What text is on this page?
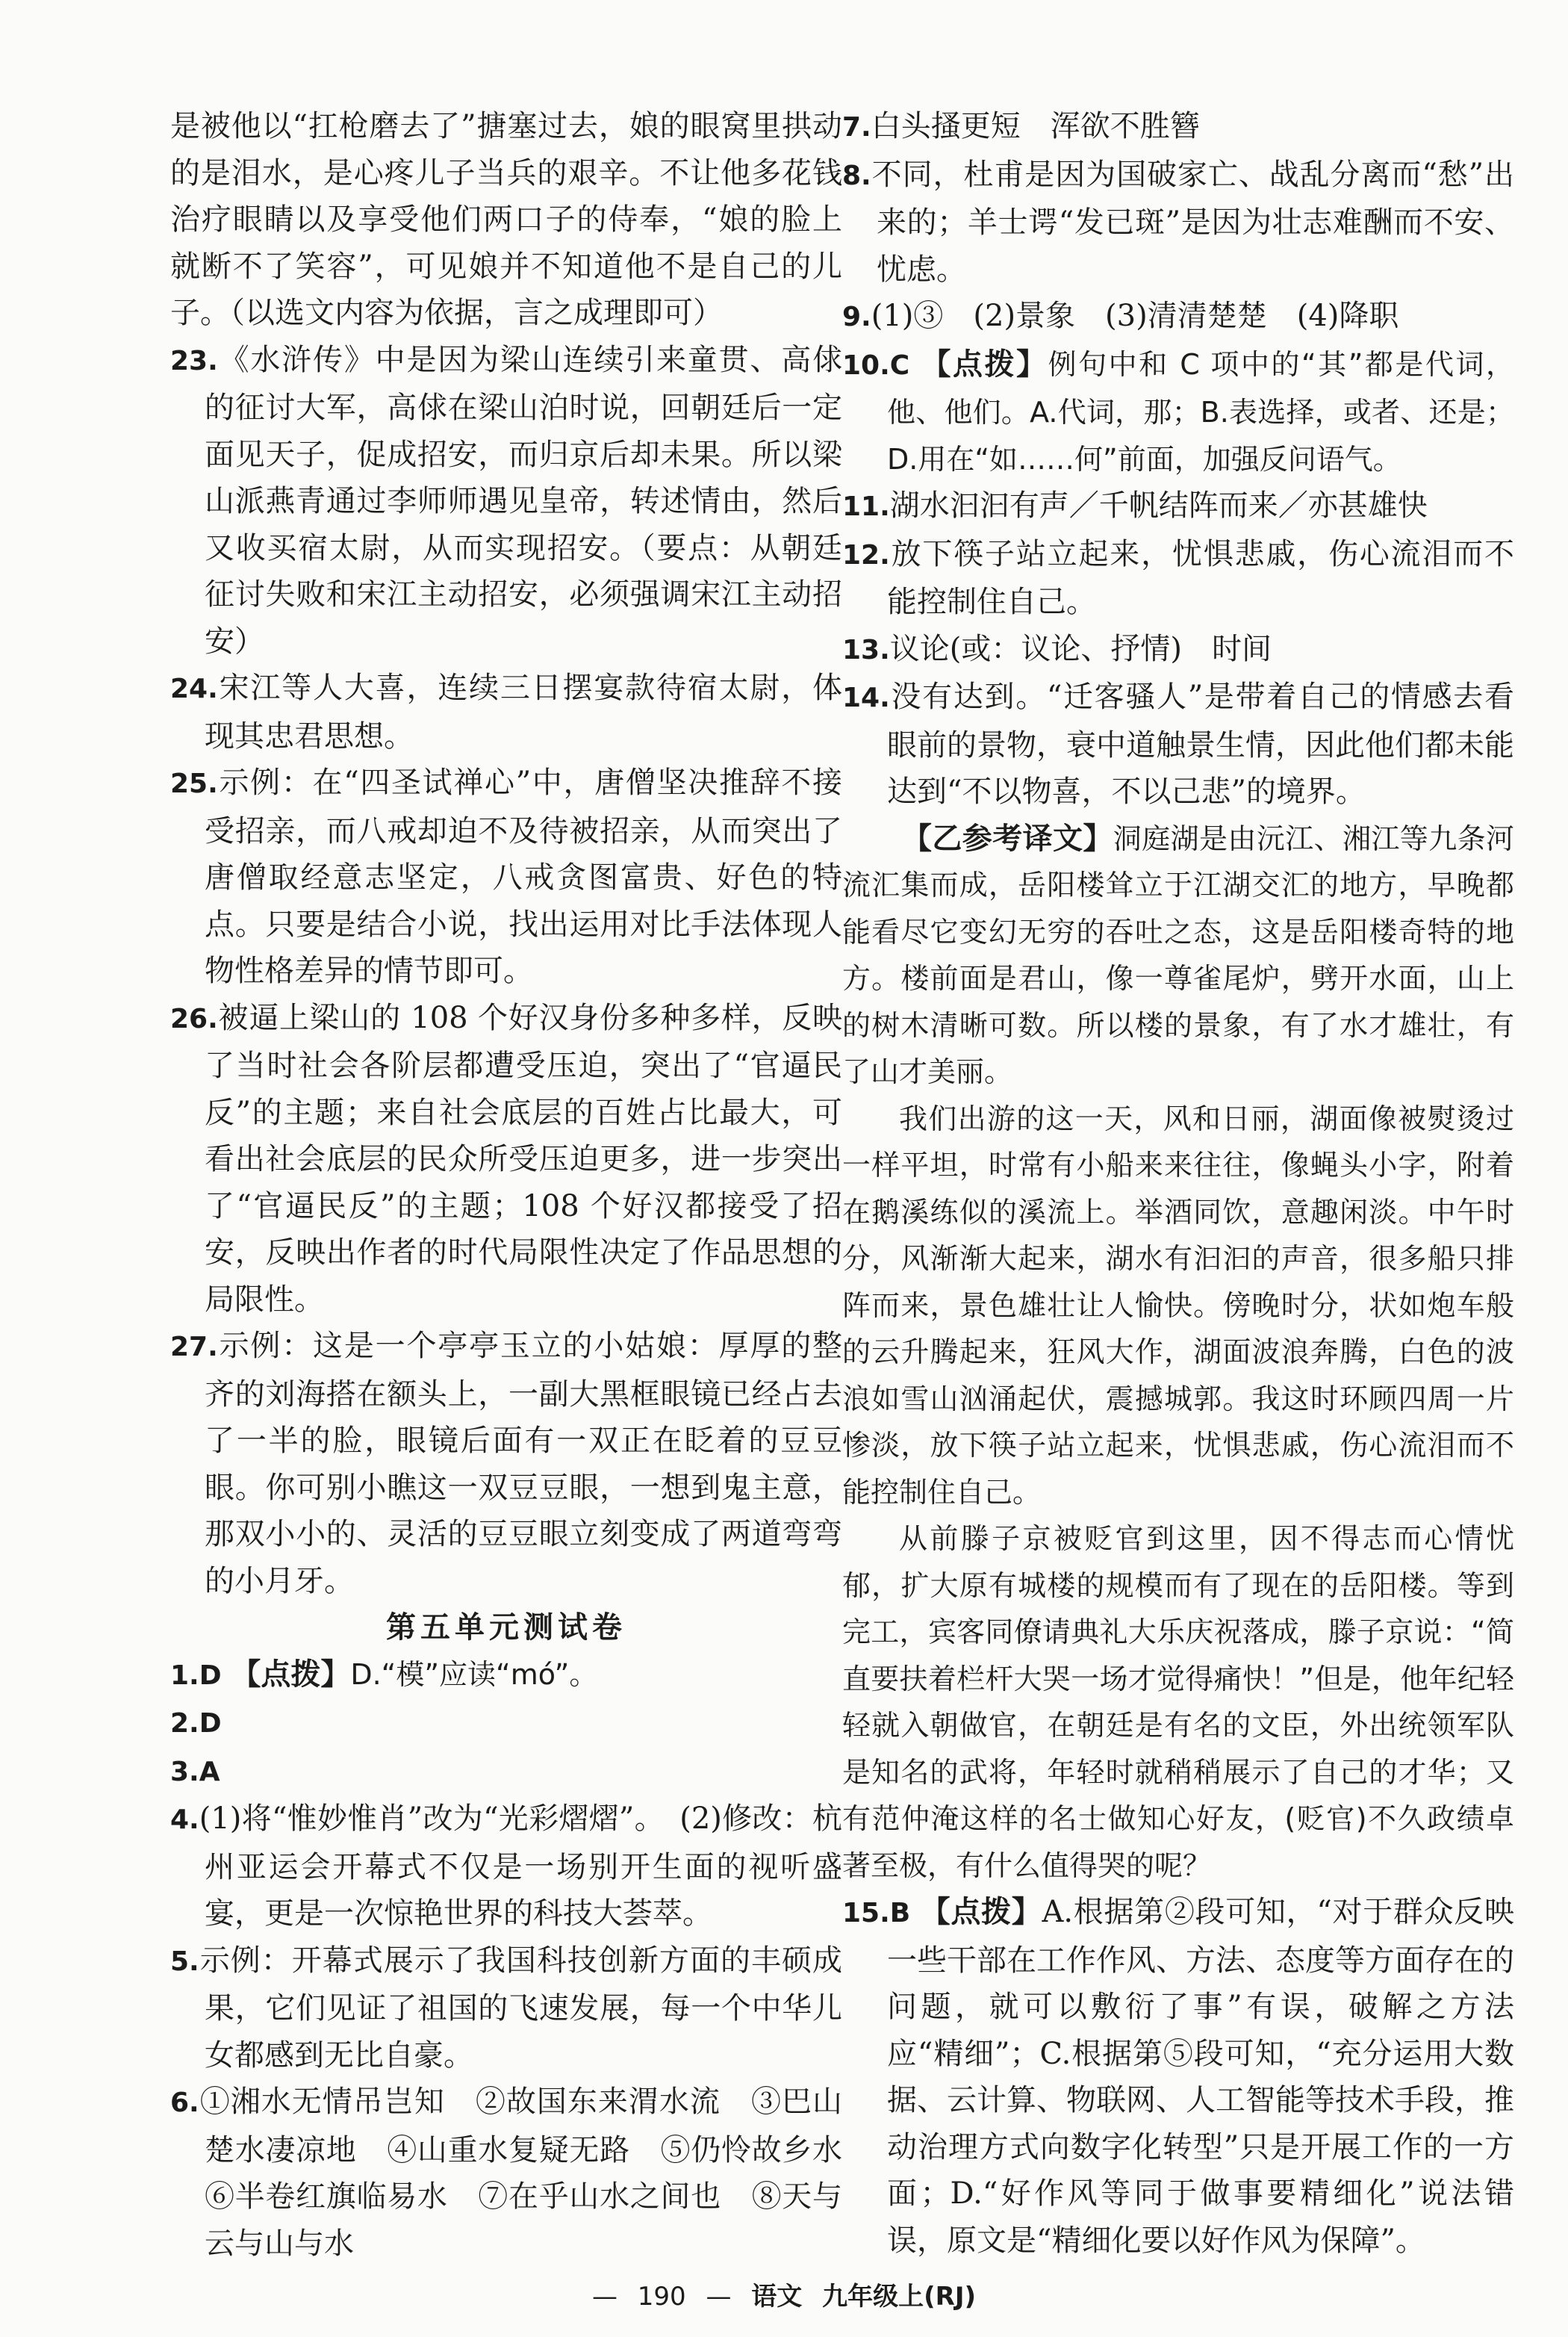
是被他以“扛枪磨去了”搪塞过去，娘的眼窝里拱动的是泪水，是心疼儿子当兵的艰辛。不让他多花钱治疗眼睛以及享受他们两口子的侍奉，“娘的脸上就断不了笑容”，可见娘并不知道他不是自己的儿子。（以选文内容为依据，言之成理即可）

23.《水浒传》中是因为梁山连续引来童贯、高俅的征讨大军，高俅在梁山泊时说，回朝廷后一定面见天子，促成招安，而归京后却未果。所以梁山派燕青通过李师师遇见皇帝，转述情由，然后又收买宿太尉，从而实现招安。（要点：从朝廷征讨失败和宋江主动招安，必须强调宋江主动招安）

24.宋江等人大喜，连续三日摆宴款待宿太尉，体现其忠君思想。

25.示例：在“四圣试禅心”中，唐僧坚决推辞不接受招亲，而八戒却迫不及待被招亲，从而突出了唐僧取经意志坚定，八戒贪图富贵、好色的特点。只要是结合小说，找出运用对比手法体现人物性格差异的情节即可。

26.被逼上梁山的 108 个好汉身份多种多样，反映了当时社会各阶层都遭受压迫，突出了“官逼民反”的主题；来自社会底层的百姓占比最大，可看出社会底层的民众所受压迫更多，进一步突出了“官逼民反”的主题；108 个好汉都接受了招安，反映出作者的时代局限性决定了作品思想的局限性。

27.示例：这是一个亭亭玉立的小姑娘：厚厚的整齐的刘海搭在额头上，一副大黑框眼镜已经占去了一半的脸，眼镜后面有一双正在眨着的豆豆眼。你可别小瞧这一双豆豆眼，一想到鬼主意，那双小小的、灵活的豆豆眼立刻变成了两道弯弯的小月牙。

第五单元测试卷

1.D 【点拨】D.“模”应读“mó”。

2.D

3.A

4.(1)将“惟妙惟肖”改为“光彩熠熠”。　(2)修改：杭州亚运会开幕式不仅是一场别开生面的视听盛宴，更是一次惊艳世界的科技大荟萃。

5.示例：开幕式展示了我国科技创新方面的丰硕成果，它们见证了祖国的飞速发展，每一个中华儿女都感到无比自豪。

6.①湘水无情吊岂知　②故国东来渭水流　③巴山楚水凄凉地　④山重水复疑无路　⑤仍怜故乡水　⑥半卷红旗临易水　⑦在乎山水之间也　⑧天与云与山与水

7.白头搔更短　浑欲不胜簪

8.不同，杜甫是因为国破家亡、战乱分离而“愁”出来的；羊士谔“发已斑”是因为壮志难酬而不安、忧虑。

9.(1)③　(2)景象　(3)清清楚楚　(4)降职

10.C 【点拨】例句中和 C 项中的“其”都是代词，他、他们。A.代词，那；B.表选择，或者、还是；D.用在“如……何”前面，加强反问语气。

11.湖水汩汩有声／千帆结阵而来／亦甚雄快

12.放下筷子站立起来，忧惧悲戚，伤心流泪而不能控制住自己。

13.议论(或：议论、抒情)　时间

14.没有达到。“迁客骚人”是带着自己的情感去看眼前的景物，衰中道触景生情，因此他们都未能达到“不以物喜，不以己悲”的境界。

【乙参考译文】洞庭湖是由沅江、湘江等九条河流汇集而成，岳阳楼耸立于江湖交汇的地方，早晚都能看尽它变幻无穷的吞吐之态，这是岳阳楼奇特的地方。楼前面是君山，像一尊雀尾炉，劈开水面，山上的树木清晰可数。所以楼的景象，有了水才雄壮，有了山才美丽。

我们出游的这一天，风和日丽，湖面像被熨烫过一样平坦，时常有小船来来往往，像蝇头小字，附着在鹅溪练似的溪流上。举酒同饮，意趣闲淡。中午时分，风渐渐大起来，湖水有汩汩的声音，很多船只排阵而来，景色雄壮让人愉快。傍晚时分，状如炮车般的云升腾起来，狂风大作，湖面波浪奔腾，白色的波浪如雪山汹涌起伏，震撼城郭。我这时环顾四周一片惨淡，放下筷子站立起来，忧惧悲戚，伤心流泪而不能控制住自己。

从前滕子京被贬官到这里，因不得志而心情忧郁，扩大原有城楼的规模而有了现在的岳阳楼。等到完工，宾客同僚请典礼大乐庆祝落成，滕子京说：“简直要扶着栏杆大哭一场才觉得痛快！”但是，他年纪轻轻就入朝做官，在朝廷是有名的文臣，外出统领军队是知名的武将，年轻时就稍稍展示了自己的才华；又有范仲淹这样的名士做知心好友，(贬官)不久政绩卓著至极，有什么值得哭的呢？

15.B 【点拨】A.根据第②段可知，“对于群众反映一些干部在工作作风、方法、态度等方面存在的问题，就可以敷衍了事”有误，破解之方法应“精细”；C.根据第⑤段可知，“充分运用大数据、云计算、物联网、人工智能等技术手段，推动治理方式向数字化转型”只是开展工作的一方面；D.“好作风等同于做事要精细化”说法错误，原文是“精细化要以好作风为保障”。

— 190 — 语文 九年级上(RJ)
